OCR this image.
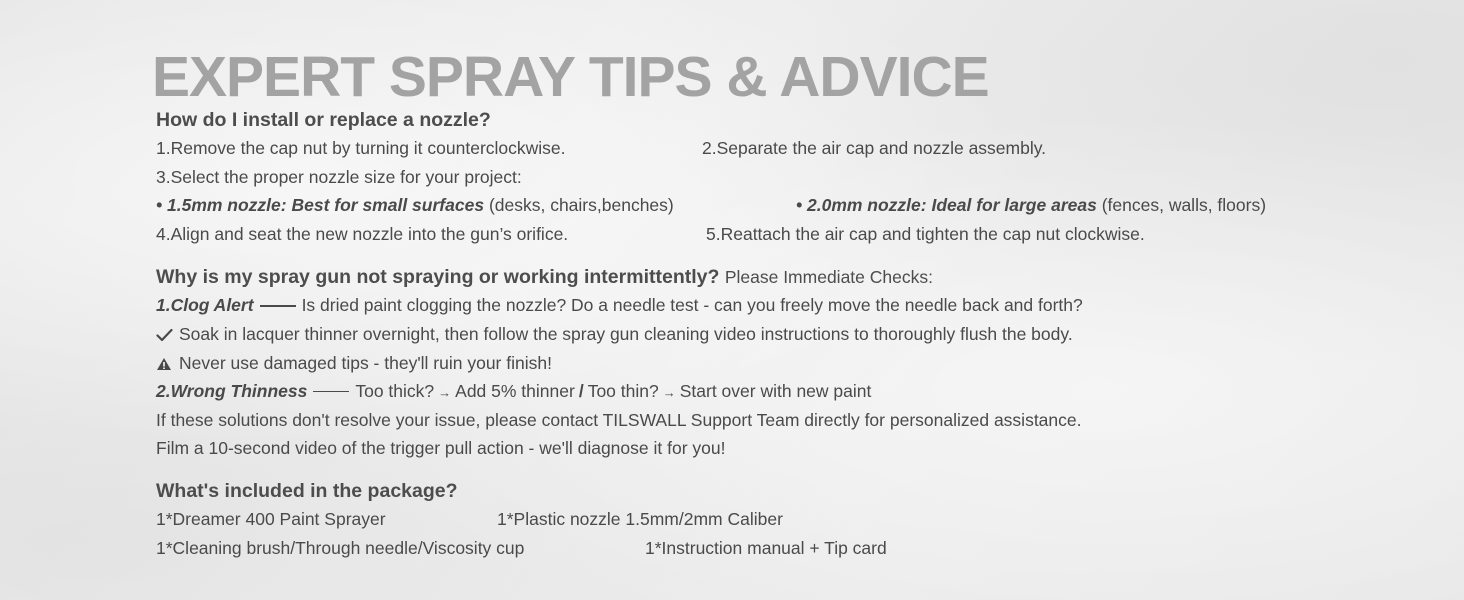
EXPERT SPRAY TIPS & ADVICE
How do I install or replace a nozzle?
1.Remove the cap nut by turning it counterclockwise.	2.Separate the air cap and nozzle assembly.
3.Select the proper nozzle size for your project:
• 1.5mm nozzle: Best for small surfaces (desks, chairs,benches)	• 2.0mm nozzle: Ideal for large areas (fences, walls, floors)
4.Align and seat the new nozzle into the gun’s orifice.	5.Reattach the air cap and tighten the cap nut clockwise.
Why is my spray gun not spraying or working intermittently? Please Immediate Checks:
1.Clog Alert	Is dried paint clogging the nozzle? Do a needle test - can you freely move the needle back and forth?
Soak in lacquer thinner overnight, then follow the spray gun cleaning video instructions to thoroughly flush the body.
Never use damaged tips - they'll ruin your finish!
2.Wrong Thinness	Too thick? → Add 5% thinner / Too thin? → Start over with new paint
If these solutions don't resolve your issue, please contact TILSWALL Support Team directly for personalized assistance.
Film a 10-second video of the trigger pull action - we'll diagnose it for you!
What's included in the package?
1*Dreamer 400 Paint Sprayer	1*Plastic nozzle 1.5mm/2mm Caliber
1*Cleaning brush/Through needle/Viscosity cup	1*Instruction manual + Tip card
